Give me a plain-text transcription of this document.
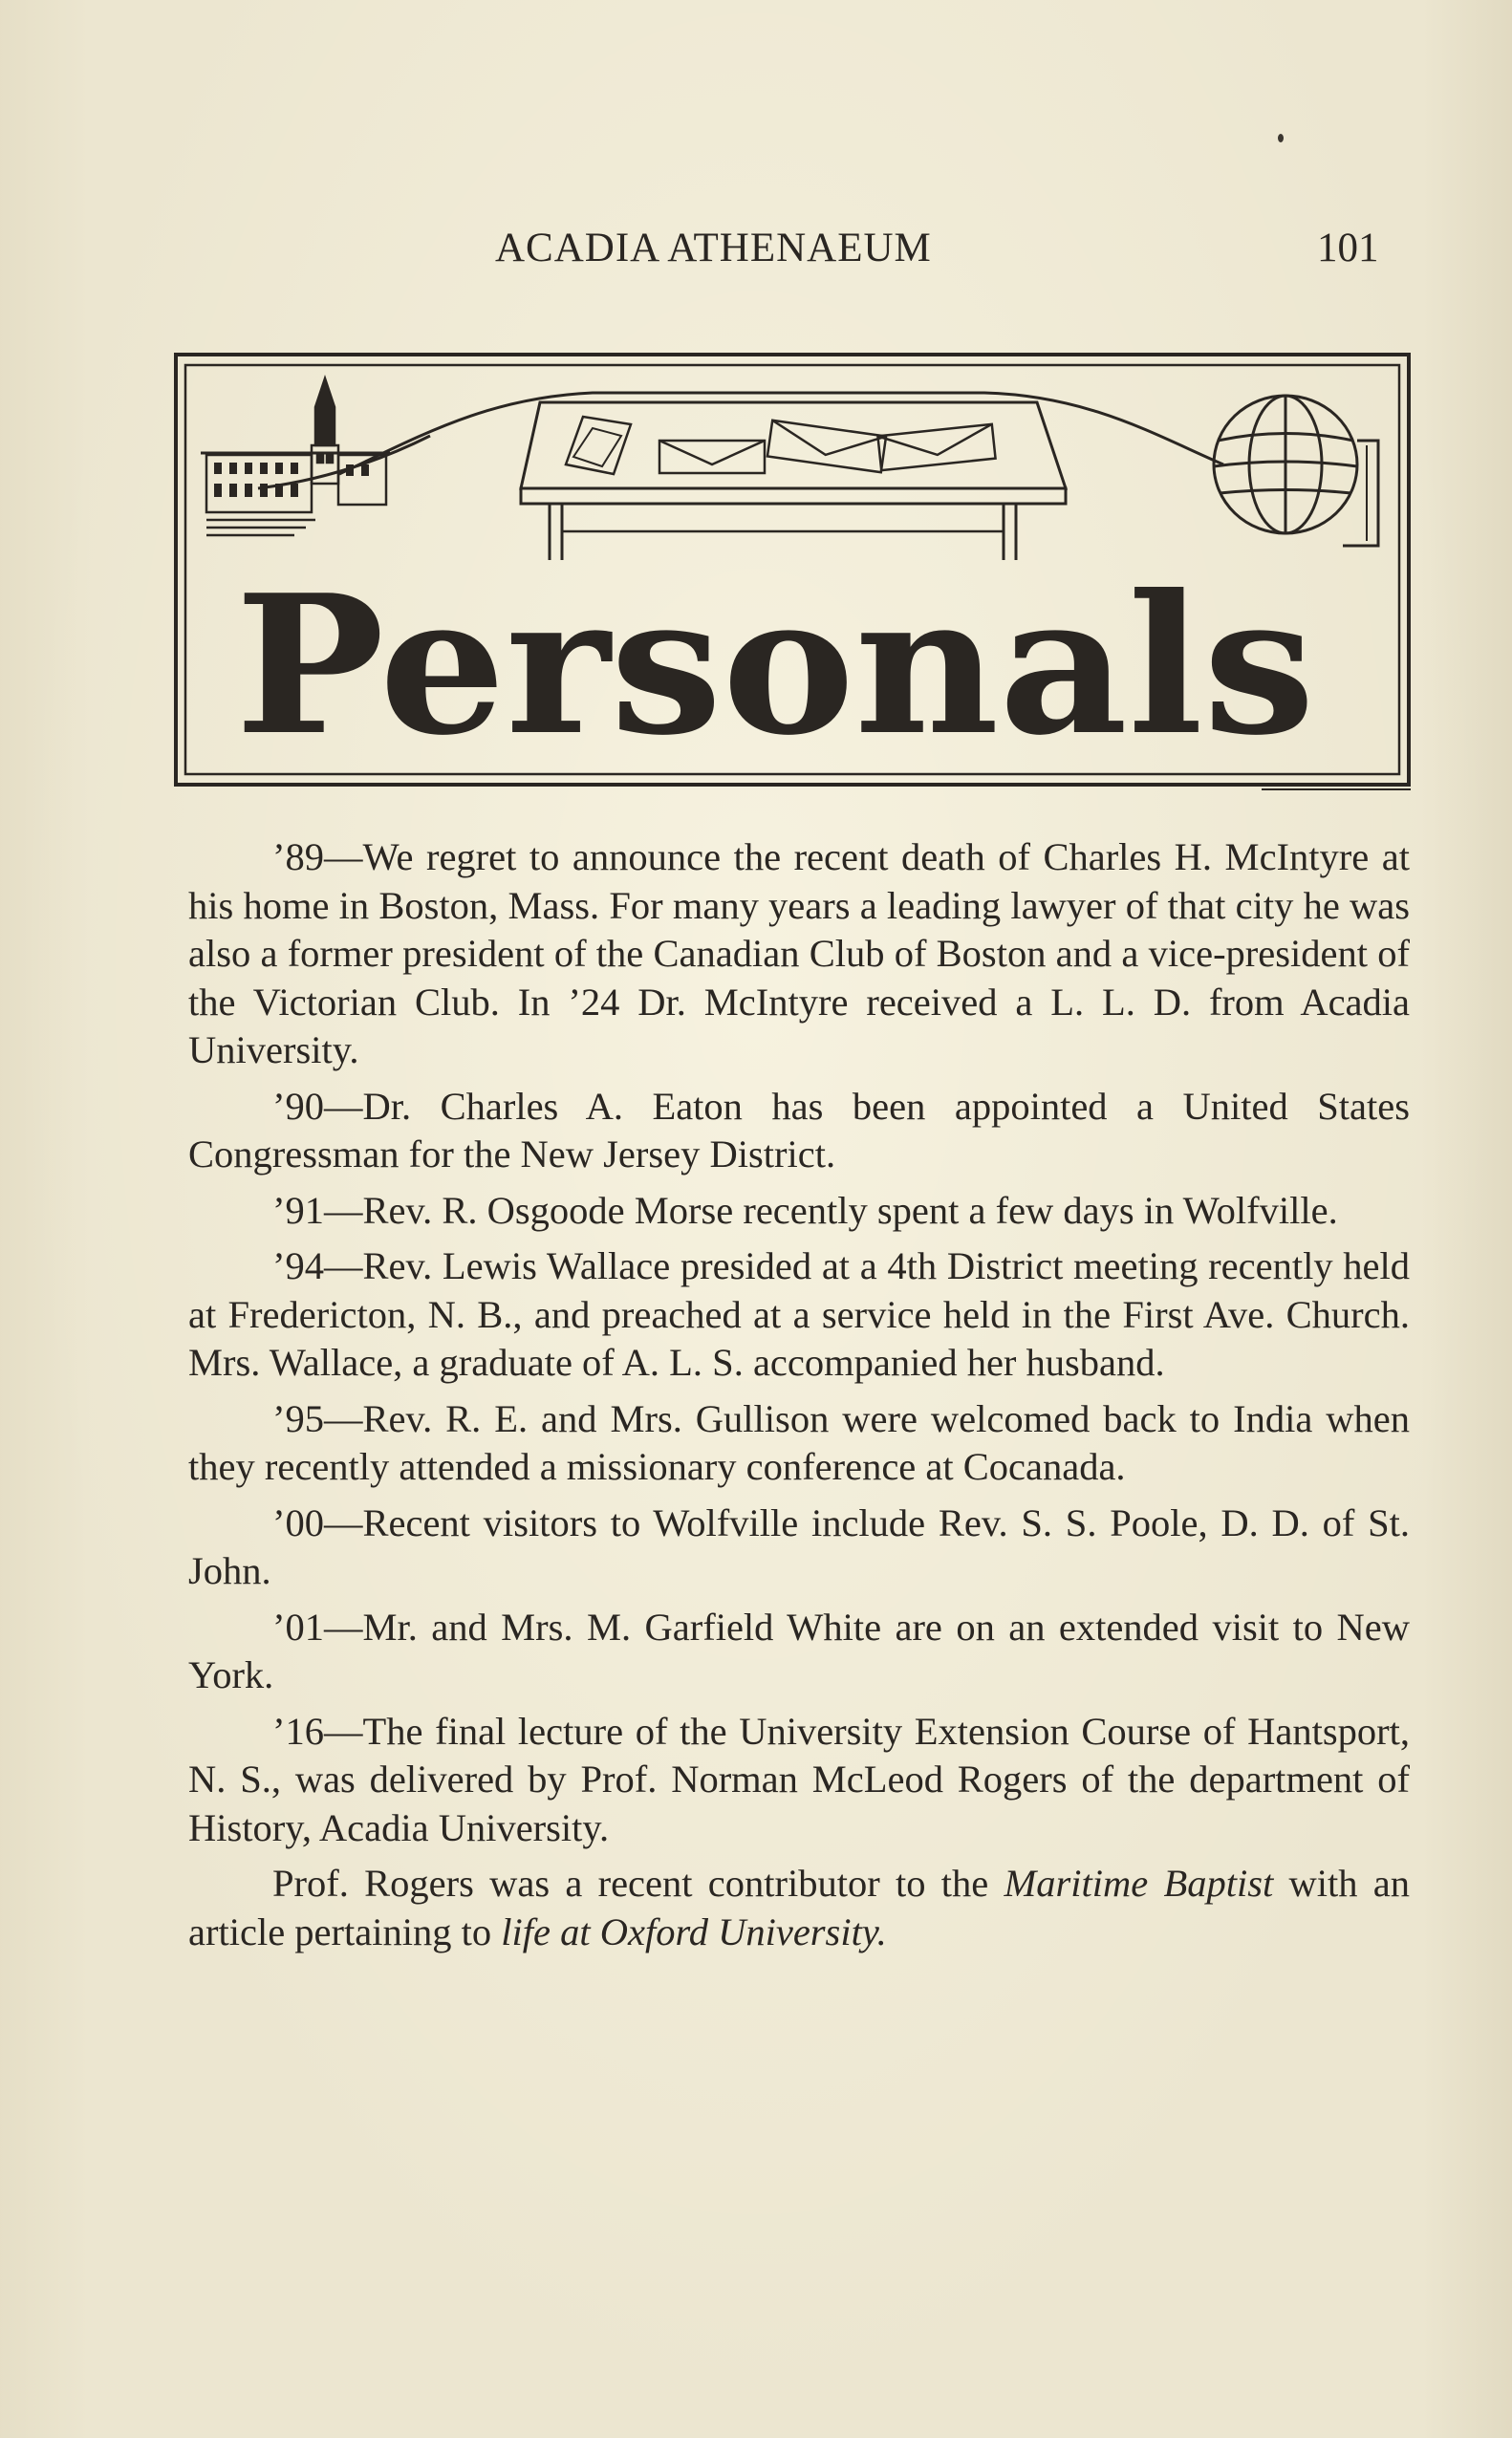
ACADIA ATHENAEUM	101
Personals

’89—We regret to announce the recent death of Charles H. McIntyre at his home in Boston, Mass. For many years a leading lawyer of that city he was also a former president of the Canadian Club of Boston and a vice-president of the Victorian Club. In ’24 Dr. McIntyre received a L. L. D. from Acadia University.

’90—Dr. Charles A. Eaton has been appointed a United States Congressman for the New Jersey District.

’91—Rev. R. Osgoode Morse recently spent a few days in Wolfville.

’94—Rev. Lewis Wallace presided at a 4th District meeting recently held at Fredericton, N. B., and preached at a service held in the First Ave. Church. Mrs. Wallace, a graduate of A. L. S. accompanied her husband.

’95—Rev. R. E. and Mrs. Gullison were welcomed back to India when they recently attended a missionary conference at Cocanada.

’00—Recent visitors to Wolfville include Rev. S. S. Poole, D. D. of St. John.

’01—Mr. and Mrs. M. Garfield White are on an extended visit to New York.

’16—The final lecture of the University Extension Course of Hantsport, N. S., was delivered by Prof. Norman McLeod Rogers of the department of History, Acadia University.

Prof. Rogers was a recent contributor to the Maritime Baptist with an article pertaining to life at Oxford University.
